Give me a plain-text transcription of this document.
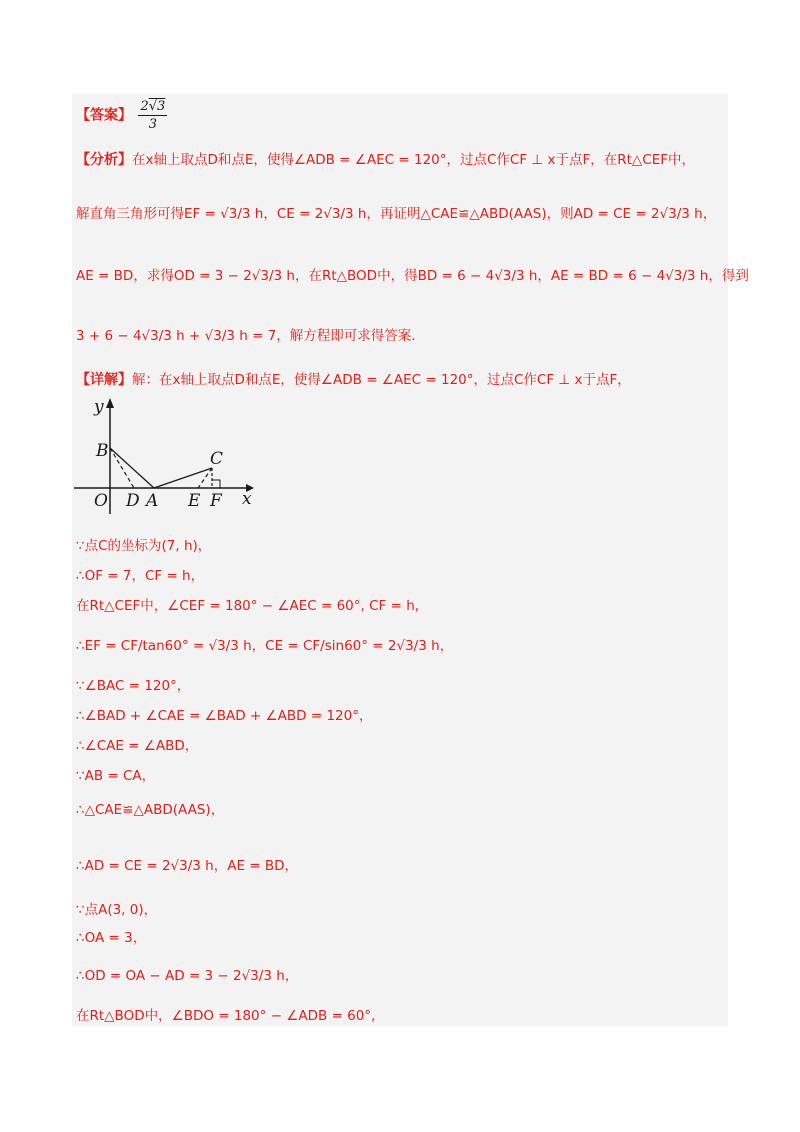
【答案】 $\frac{2√3}{3}$
【分析】在x轴上取点D和点E，使得∠ADB = ∠AEC = 120°，过点C作CF ⊥ x于点F，在Rt△CEF中，
解直角三角形可得EF = √3/3 h，CE = 2√3/3 h，再证明△CAE≌△ABD(AAS)，则AD = CE = 2√3/3 h，
AE = BD，求得OD = 3 − 2√3/3 h，在Rt△BOD中，得BD = 6 − 4√3/3 h，AE = BD = 6 − 4√3/3 h，得到
3 + 6 − 4√3/3 h + √3/3 h = 7，解方程即可求得答案.
【详解】解：在x轴上取点D和点E，使得∠ADB = ∠AEC = 120°，过点C作CF ⊥ x于点F，
y
x
B	C
O D A E F
∵点C的坐标为(7, h)，
∴OF = 7，CF = h，
在Rt△CEF中，∠CEF = 180° − ∠AEC = 60°, CF = h,
∴EF = CF/tan60° = √3/3 h，CE = CF/sin60° = 2√3/3 h，
∵∠BAC = 120°，
∴∠BAD + ∠CAE = ∠BAD + ∠ABD = 120°，
∴∠CAE = ∠ABD，
∵AB = CA，
∴△CAE≌△ABD(AAS)，
∴AD = CE = 2√3/3 h，AE = BD，
∵点A(3, 0)，
∴OA = 3，
∴OD = OA − AD = 3 − 2√3/3 h，
在Rt△BOD中，∠BDO = 180° − ∠ADB = 60°,
